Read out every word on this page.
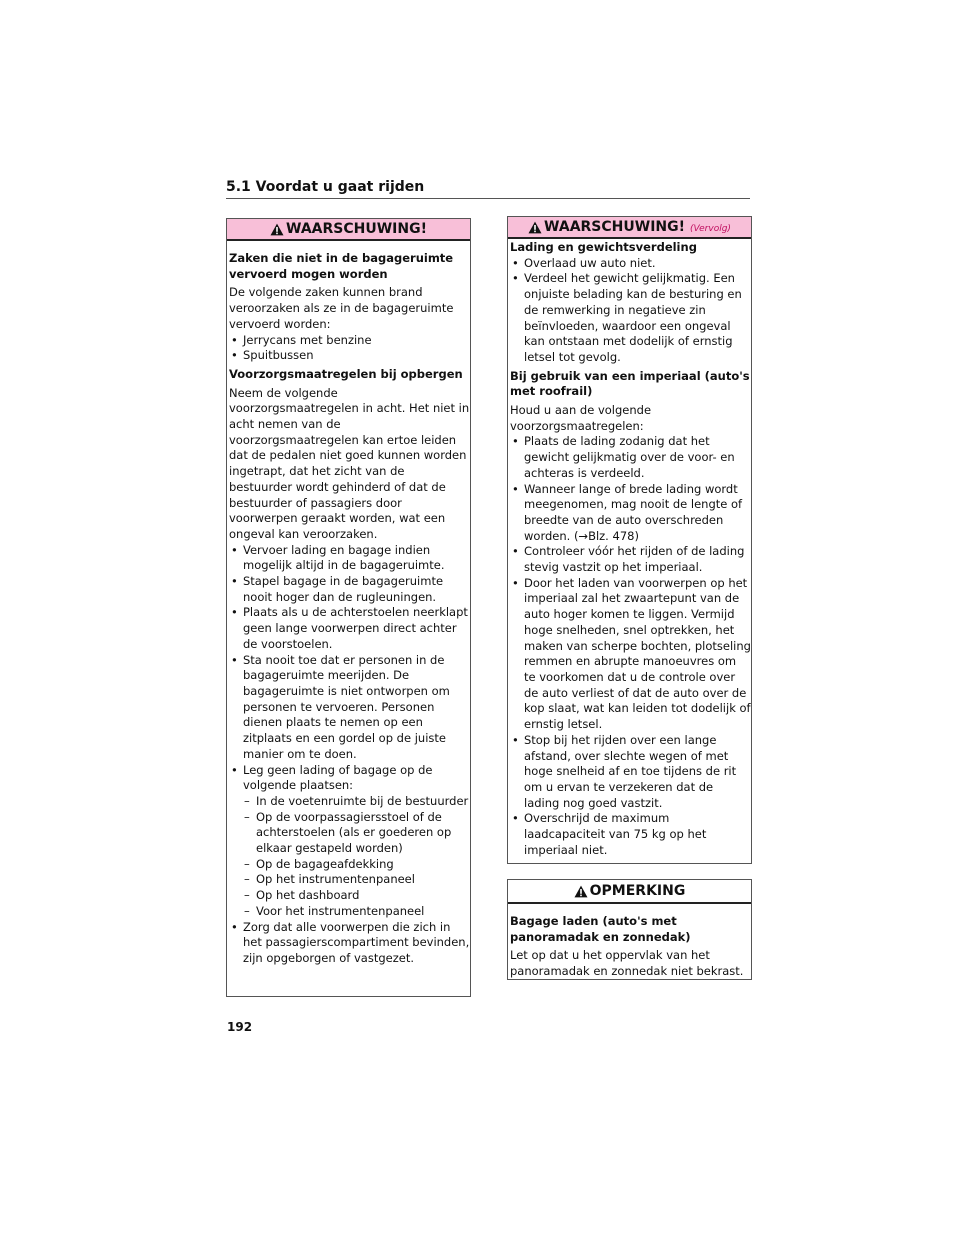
5.1 Voordat u gaat rijden
WAARSCHUWING!

Zaken die niet in de bagageruimte vervoerd mogen worden

De volgende zaken kunnen brand veroorzaken als ze in de bagageruimte vervoerd worden:

• Jerrycans met benzine
• Spuitbussen

Voorzorgsmaatregelen bij opbergen

Neem de volgende voorzorgsmaatregelen in acht. Het niet in acht nemen van de voorzorgsmaatregelen kan ertoe leiden dat de pedalen niet goed kunnen worden ingetrapt, dat het zicht van de bestuurder wordt gehinderd of dat de bestuurder of passagiers door voorwerpen geraakt worden, wat een ongeval kan veroorzaken.

• Vervoer lading en bagage indien mogelijk altijd in de bagageruimte.
• Stapel bagage in de bagageruimte nooit hoger dan de rugleuningen.
• Plaats als u de achterstoelen neerklapt geen lange voorwerpen direct achter de voorstoelen.
• Sta nooit toe dat er personen in de bagageruimte meerijden. De bagageruimte is niet ontworpen om personen te vervoeren. Personen dienen plaats te nemen op een zitplaats en een gordel op de juiste manier om te doen.
• Leg geen lading of bagage op de volgende plaatsen:
– In de voetenruimte bij de bestuurder
– Op de voorpassagiersstoel of de achterstoelen (als er goederen op elkaar gestapeld worden)
– Op de bagageafdekking
– Op het instrumentenpaneel
– Op het dashboard
– Voor het instrumentenpaneel
• Zorg dat alle voorwerpen die zich in het passagierscompartiment bevinden, zijn opgeborgen of vastgezet.
WAARSCHUWING! (Vervolg)

Lading en gewichtsverdeling

• Overlaad uw auto niet.
• Verdeel het gewicht gelijkmatig. Een onjuiste belading kan de besturing en de remwerking in negatieve zin beïnvloeden, waardoor een ongeval kan ontstaan met dodelijk of ernstig letsel tot gevolg.

Bij gebruik van een imperiaal (auto's met roofrail)

Houd u aan de volgende voorzorgsmaatregelen:

• Plaats de lading zodanig dat het gewicht gelijkmatig over de voor- en achteras is verdeeld.
• Wanneer lange of brede lading wordt meegenomen, mag nooit de lengte of breedte van de auto overschreden worden. (→Blz. 478)
• Controleer vóór het rijden of de lading stevig vastzit op het imperiaal.
• Door het laden van voorwerpen op het imperiaal zal het zwaartepunt van de auto hoger komen te liggen. Vermijd hoge snelheden, snel optrekken, het maken van scherpe bochten, plotseling remmen en abrupte manoeuvres om te voorkomen dat u de controle over de auto verliest of dat de auto over de kop slaat, wat kan leiden tot dodelijk of ernstig letsel.
• Stop bij het rijden over een lange afstand, over slechte wegen of met hoge snelheid af en toe tijdens de rit om u ervan te verzekeren dat de lading nog goed vastzit.
• Overschrijd de maximum laadcapaciteit van 75 kg op het imperiaal niet.
OPMERKING

Bagage laden (auto's met panoramadak en zonnedak)

Let op dat u het oppervlak van het panoramadak en zonnedak niet bekrast.

192
